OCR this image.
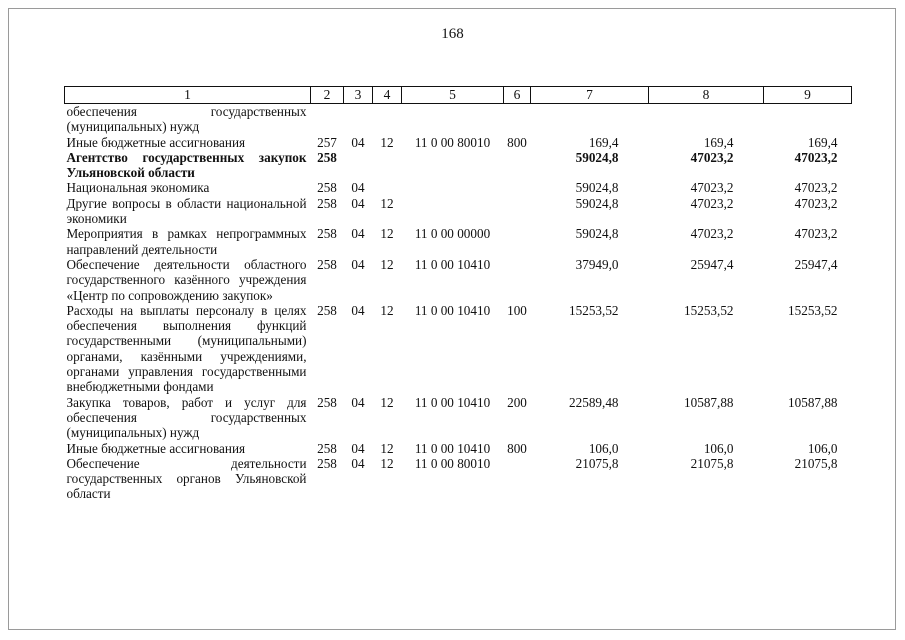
168
1	2	3	4	5	6	7	8	9
обеспечения государственных (муниципальных) нужд								
Иные бюджетные ассигнования	257	04	12	11 0 00 80010	800	169,4	169,4	169,4
Агентство государственных закупок Ульяновской области	258					59024,8	47023,2	47023,2
Национальная экономика	258	04				59024,8	47023,2	47023,2
Другие вопросы в области национальной экономики	258	04	12			59024,8	47023,2	47023,2
Мероприятия в рамках непрограммных направлений деятельности	258	04	12	11 0 00 00000		59024,8	47023,2	47023,2
Обеспечение деятельности областного государственного казённого учреждения «Центр по сопровождению закупок»	258	04	12	11 0 00 10410		37949,0	25947,4	25947,4
Расходы на выплаты персоналу в целях обеспечения выполнения функций государственными (муниципальными) органами, казёнными учреждениями, органами управления государственными внебюджетными фондами	258	04	12	11 0 00 10410	100	15253,52	15253,52	15253,52
Закупка товаров, работ и услуг для обеспечения государственных (муниципальных) нужд	258	04	12	11 0 00 10410	200	22589,48	10587,88	10587,88
Иные бюджетные ассигнования	258	04	12	11 0 00 10410	800	106,0	106,0	106,0
Обеспечение деятельности государственных органов Ульяновской области	258	04	12	11 0 00 80010		21075,8	21075,8	21075,8
